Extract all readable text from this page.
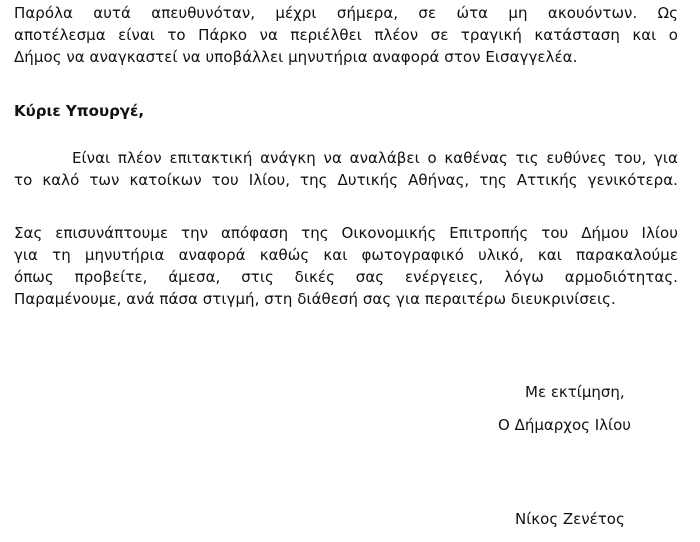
Παρόλα αυτά απευθυνόταν, μέχρι σήμερα, σε ώτα μη ακουόντων. Ως
αποτέλεσμα είναι το Πάρκο να περιέλθει πλέον σε τραγική κατάσταση και ο
Δήμος να αναγκαστεί να υποβάλλει μηνυτήρια αναφορά στον Εισαγγελέα.

Κύριε Υπουργέ,

Είναι πλέον επιτακτική ανάγκη να αναλάβει ο καθένας τις ευθύνες του, για
το καλό των κατοίκων του Ιλίου, της Δυτικής Αθήνας, της Αττικής γενικότερα.
Σας επισυνάπτουμε την απόφαση της Οικονομικής Επιτροπής του Δήμου Ιλίου
για τη μηνυτήρια αναφορά καθώς και φωτογραφικό υλικό, και παρακαλούμε
όπως προβείτε, άμεσα, στις δικές σας ενέργειες, λόγω αρμοδιότητας.
Παραμένουμε, ανά πάσα στιγμή, στη διάθεσή σας για περαιτέρω διευκρινίσεις.

Με εκτίμηση,

Ο Δήμαρχος Ιλίου

Νίκος Ζενέτος
